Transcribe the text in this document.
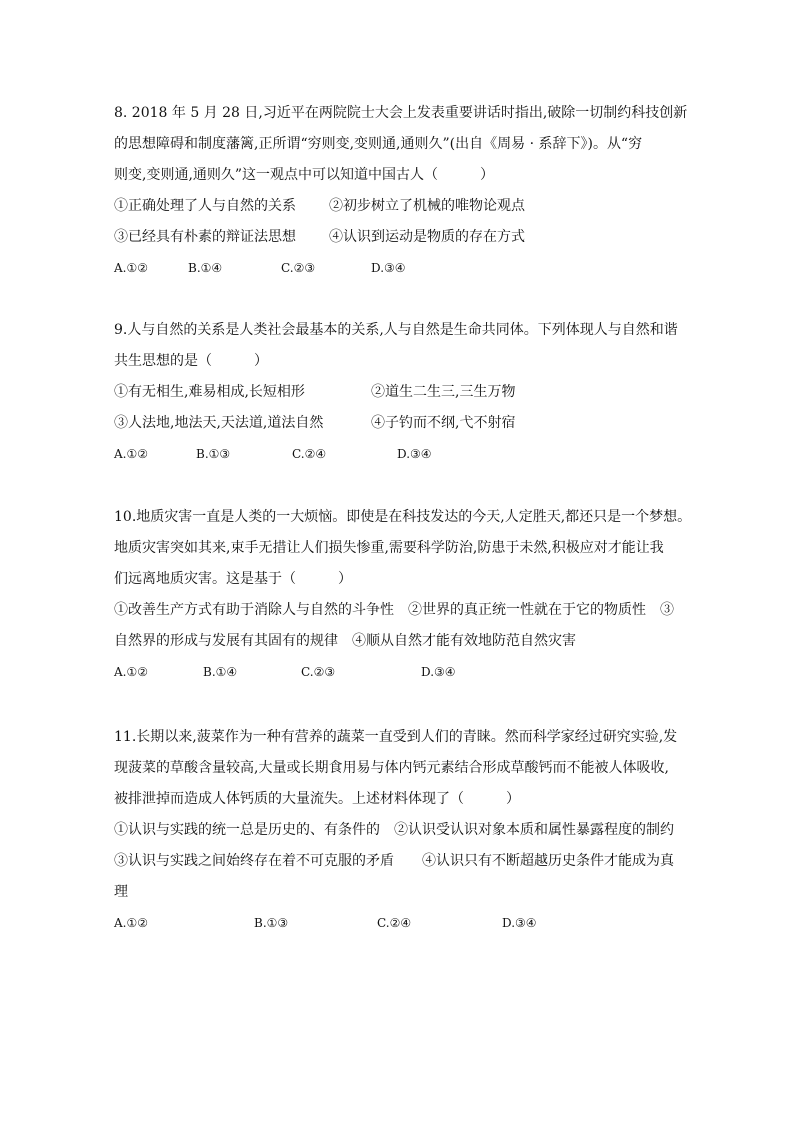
8. 2018 年 5 月 28 日,习近平在两院院士大会上发表重要讲话时指出,破除一切制约科技创新
的思想障碍和制度藩篱,正所谓“穷则变,变则通,通则久”(出自《周易 · 系辞下》)。从“穷
则变,变则通,通则久”这一观点中可以知道中国古人（　　　）
①正确处理了人与自然的关系	②初步树立了机械的唯物论观点
③已经具有朴素的辩证法思想	④认识到运动是物质的存在方式
A.①②	B.①④	C.②③	D.③④
9.人与自然的关系是人类社会最基本的关系,人与自然是生命共同体。下列体现人与自然和谐
共生思想的是（　　　）
①有无相生,难易相成,长短相形	②道生二生三,三生万物
③人法地,地法天,天法道,道法自然	④子钓而不纲,弋不射宿
A.①②	B.①③	C.②④	D.③④
10.地质灾害一直是人类的一大烦恼。即使是在科技发达的今天,人定胜天,都还只是一个梦想。
地质灾害突如其来,束手无措让人们损失惨重,需要科学防治,防患于未然,积极应对才能让我
们远离地质灾害。这是基于（　　　）
①改善生产方式有助于消除人与自然的斗争性　②世界的真正统一性就在于它的物质性　③
自然界的形成与发展有其固有的规律　④顺从自然才能有效地防范自然灾害
A.①②	B.①④	C.②③	D.③④
11.长期以来,菠菜作为一种有营养的蔬菜一直受到人们的青睐。然而科学家经过研究实验,发
现菠菜的草酸含量较高,大量或长期食用易与体内钙元素结合形成草酸钙而不能被人体吸收,
被排泄掉而造成人体钙质的大量流失。上述材料体现了（　　　）
①认识与实践的统一总是历史的、有条件的　②认识受认识对象本质和属性暴露程度的制约
③认识与实践之间始终存在着不可克服的矛盾　　④认识只有不断超越历史条件才能成为真
理
A.①②	B.①③	C.②④	D.③④
